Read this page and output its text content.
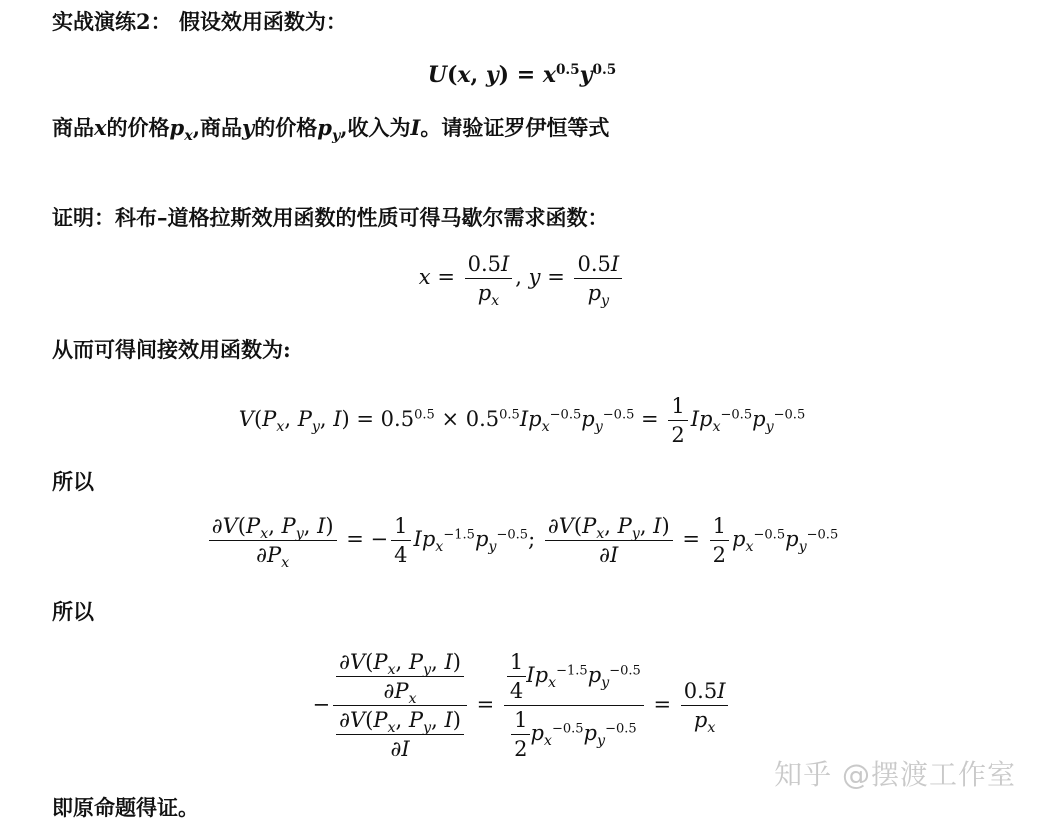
实战演练2： 假设效用函数为：
U(x, $y) = x^{0.5}y^{0.5}$
商品x的价格$p_x$,商品y的价格$p_y$,收入为I。请验证罗伊恒等式
证明：科布–道格拉斯效用函数的性质可得马歇尔需求函数：
$x = \frac{0.5I}{p_x}$ , $y = \frac{0.5I}{p_y}$
从而可得间接效用函数为:
$V(P_x$, $P_y$, $I) = 0.5^{0.5} \times 0.5^{0.5}Ip_x^{-0.5}p_y^{-0.5} = \frac{1}{2} Ip_x^{-0.5}p_y^{-0.5}$
所以
$\frac{\partial V(P_x, P_y, I)}{\partial P_x}$ = − $\frac{1}{4} Ip_x^{-1.5}p_y^{-0.5}$; $\frac{\partial V(P_x, P_y, I)}{\partial I} = \frac{1}{2} p_x^{-0.5}p_y^{-0.5}$
所以
− $\frac{\frac{\partial V(P_x, P_y, I)}{\partial P_x}}{\frac{\partial V(P_x, P_y, I)}{\partial I}} = \frac{\frac{1}{4} Ip_x^{-1.5}p_y^{-0.5}}{\frac{1}{2} p_x^{-0.5}p_y^{-0.5}} = \frac{0.5I}{p_x}$
即原命题得证。
知乎 @摆渡工作室
